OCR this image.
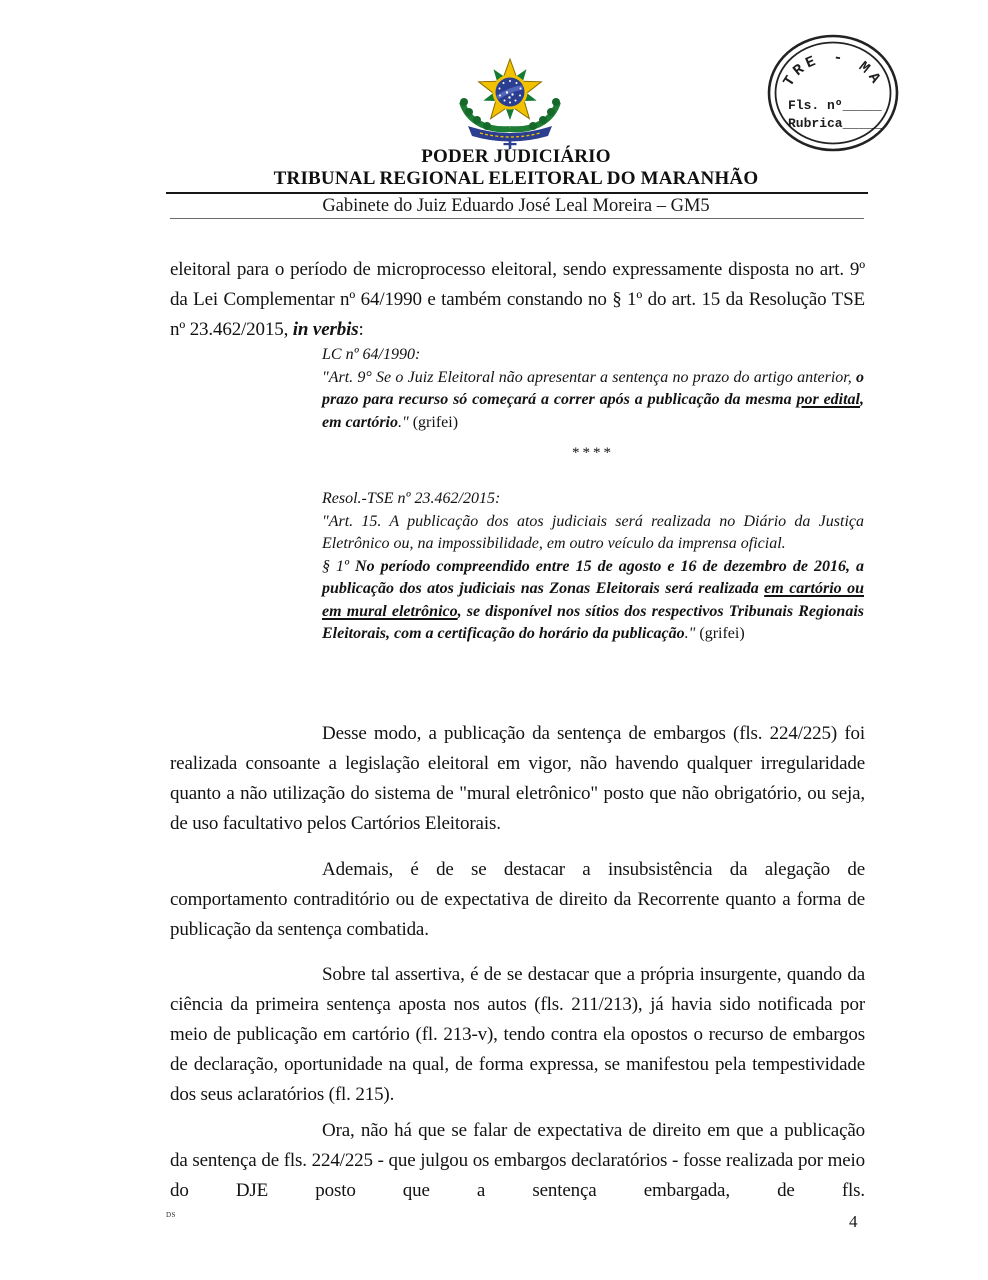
TRE - MA
Fls. nº_____
Rubrica_____
PODER JUDICIÁRIO
TRIBUNAL REGIONAL ELEITORAL DO MARANHÃO
Gabinete do Juiz Eduardo José Leal Moreira – GM5

eleitoral para o período de microprocesso eleitoral, sendo expressamente disposta no art. 9º da Lei Complementar nº 64/1990 e também constando no § 1º do art. 15 da Resolução TSE nº 23.462/2015, in verbis:

LC nº 64/1990:
"Art. 9° Se o Juiz Eleitoral não apresentar a sentença no prazo do artigo anterior, o prazo para recurso só começará a correr após a publicação da mesma por edital, em cartório." (grifei)
****
Resol.-TSE nº 23.462/2015:
"Art. 15. A publicação dos atos judiciais será realizada no Diário da Justiça Eletrônico ou, na impossibilidade, em outro veículo da imprensa oficial.
§ 1º No período compreendido entre 15 de agosto e 16 de dezembro de 2016, a publicação dos atos judiciais nas Zonas Eleitorais será realizada em cartório ou em mural eletrônico, se disponível nos sítios dos respectivos Tribunais Regionais Eleitorais, com a certificação do horário da publicação." (grifei)

Desse modo, a publicação da sentença de embargos (fls. 224/225) foi realizada consoante a legislação eleitoral em vigor, não havendo qualquer irregularidade quanto a não utilização do sistema de "mural eletrônico" posto que não obrigatório, ou seja, de uso facultativo pelos Cartórios Eleitorais.

Ademais, é de se destacar a insubsistência da alegação de comportamento contraditório ou de expectativa de direito da Recorrente quanto a forma de publicação da sentença combatida.

Sobre tal assertiva, é de se destacar que a própria insurgente, quando da ciência da primeira sentença aposta nos autos (fls. 211/213), já havia sido notificada por meio de publicação em cartório (fl. 213-v), tendo contra ela opostos o recurso de embargos de declaração, oportunidade na qual, de forma expressa, se manifestou pela tempestividade dos seus aclaratórios (fl. 215).

Ora, não há que se falar de expectativa de direito em que a publicação da sentença de fls. 224/225 - que julgou os embargos declaratórios - fosse realizada por meio do DJE posto que a sentença embargada, de fls.

DS	4
